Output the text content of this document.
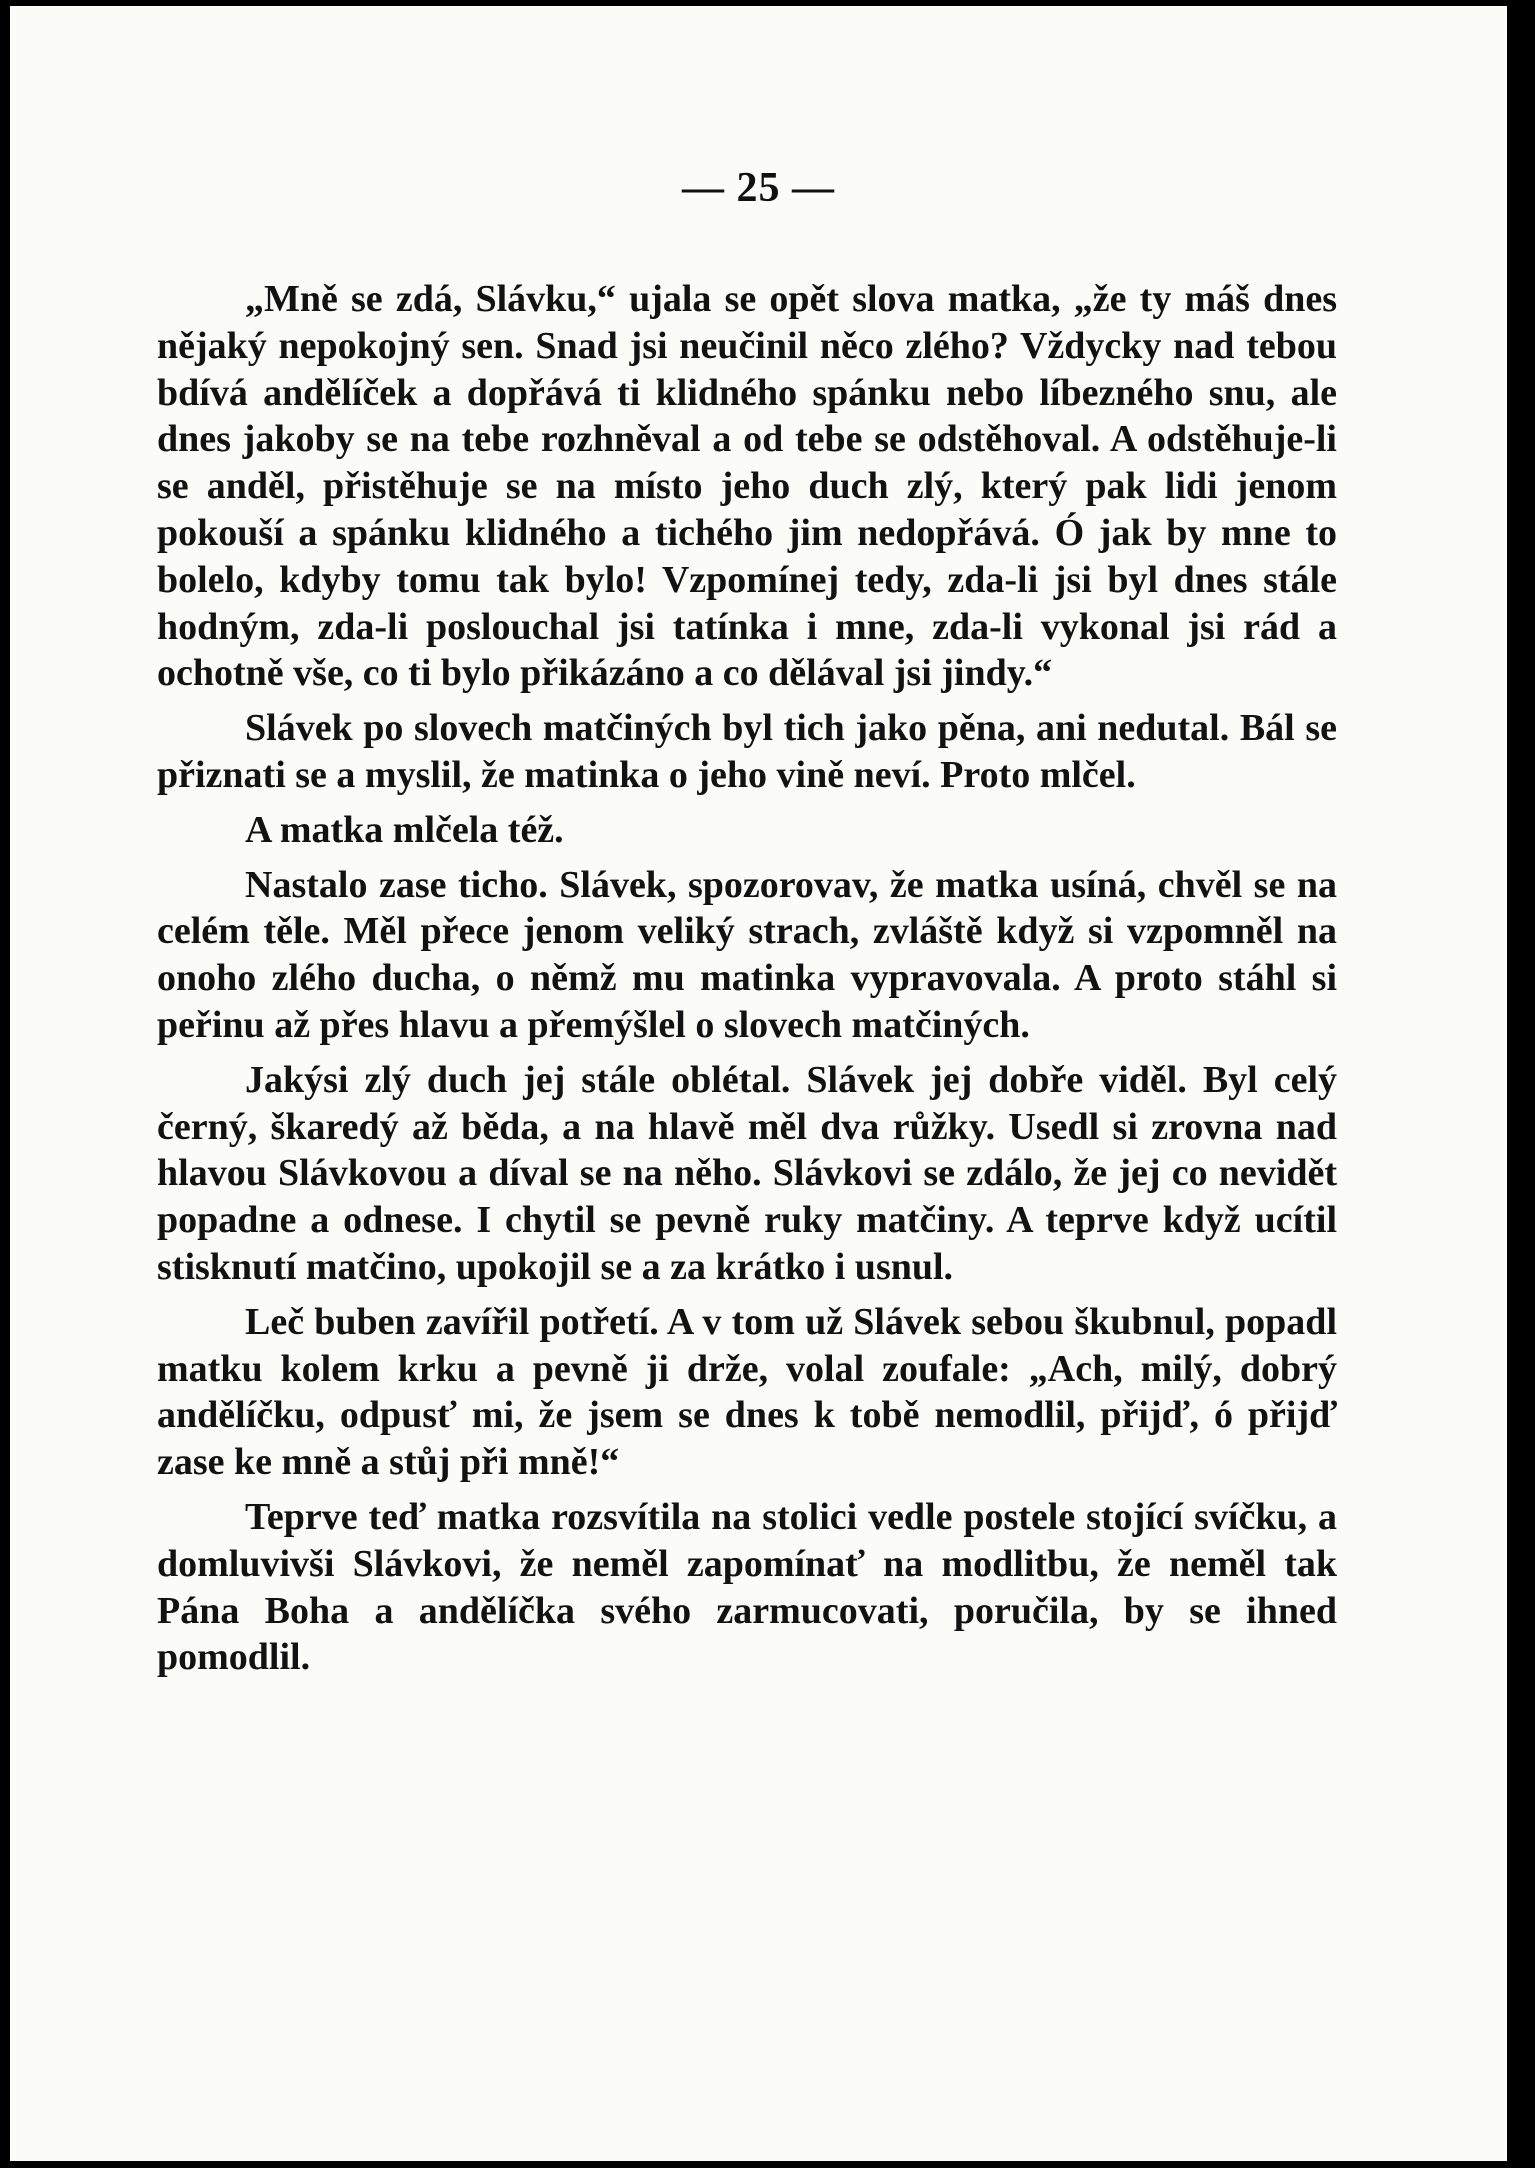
— 25 —

„Mně se zdá, Slávku,“ ujala se opět slova matka, „že ty máš dnes nějaký nepokojný sen. Snad jsi neučinil něco zlého? Vždycky nad tebou bdívá andělíček a dopřává ti klidného spánku nebo líbezného snu, ale dnes jakoby se na tebe rozhněval a od tebe se odstěhoval. A odstěhuje-li se anděl, přistěhuje se na místo jeho duch zlý, který pak lidi jenom pokouší a spánku klidného a tichého jim nedopřává. Ó jak by mne to bolelo, kdyby tomu tak bylo! Vzpomínej tedy, zda-li jsi byl dnes stále hodným, zda-li poslouchal jsi tatínka i mne, zda-li vykonal jsi rád a ochotně vše, co ti bylo přikázáno a co dělával jsi jindy.“

Slávek po slovech matčiných byl tich jako pěna, ani nedutal. Bál se přiznati se a myslil, že matinka o jeho vině neví. Proto mlčel.

A matka mlčela též.

Nastalo zase ticho. Slávek, spozorovav, že matka usíná, chvěl se na celém těle. Měl přece jenom veliký strach, zvláště když si vzpomněl na onoho zlého ducha, o němž mu matinka vypravovala. A proto stáhl si peřinu až přes hlavu a přemýšlel o slovech matčiných.

Jakýsi zlý duch jej stále oblétal. Slávek jej dobře viděl. Byl celý černý, škaredý až běda, a na hlavě měl dva růžky. Usedl si zrovna nad hlavou Slávkovou a díval se na něho. Slávkovi se zdálo, že jej co nevidět popadne a odnese. I chytil se pevně ruky matčiny. A teprve když ucítil stisknutí matčino, upokojil se a za krátko i usnul.

Leč buben zavířil potřetí. A v tom už Slávek sebou škubnul, popadl matku kolem krku a pevně ji drže, volal zoufale: „Ach, milý, dobrý andělíčku, odpusť mi, že jsem se dnes k tobě nemodlil, přijď, ó přijď zase ke mně a stůj při mně!“

Teprve teď matka rozsvítila na stolici vedle postele stojící svíčku, a domluvivši Slávkovi, že neměl zapomínať na modlitbu, že neměl tak Pána Boha a andělíčka svého zarmucovati, poručila, by se ihned pomodlil.
